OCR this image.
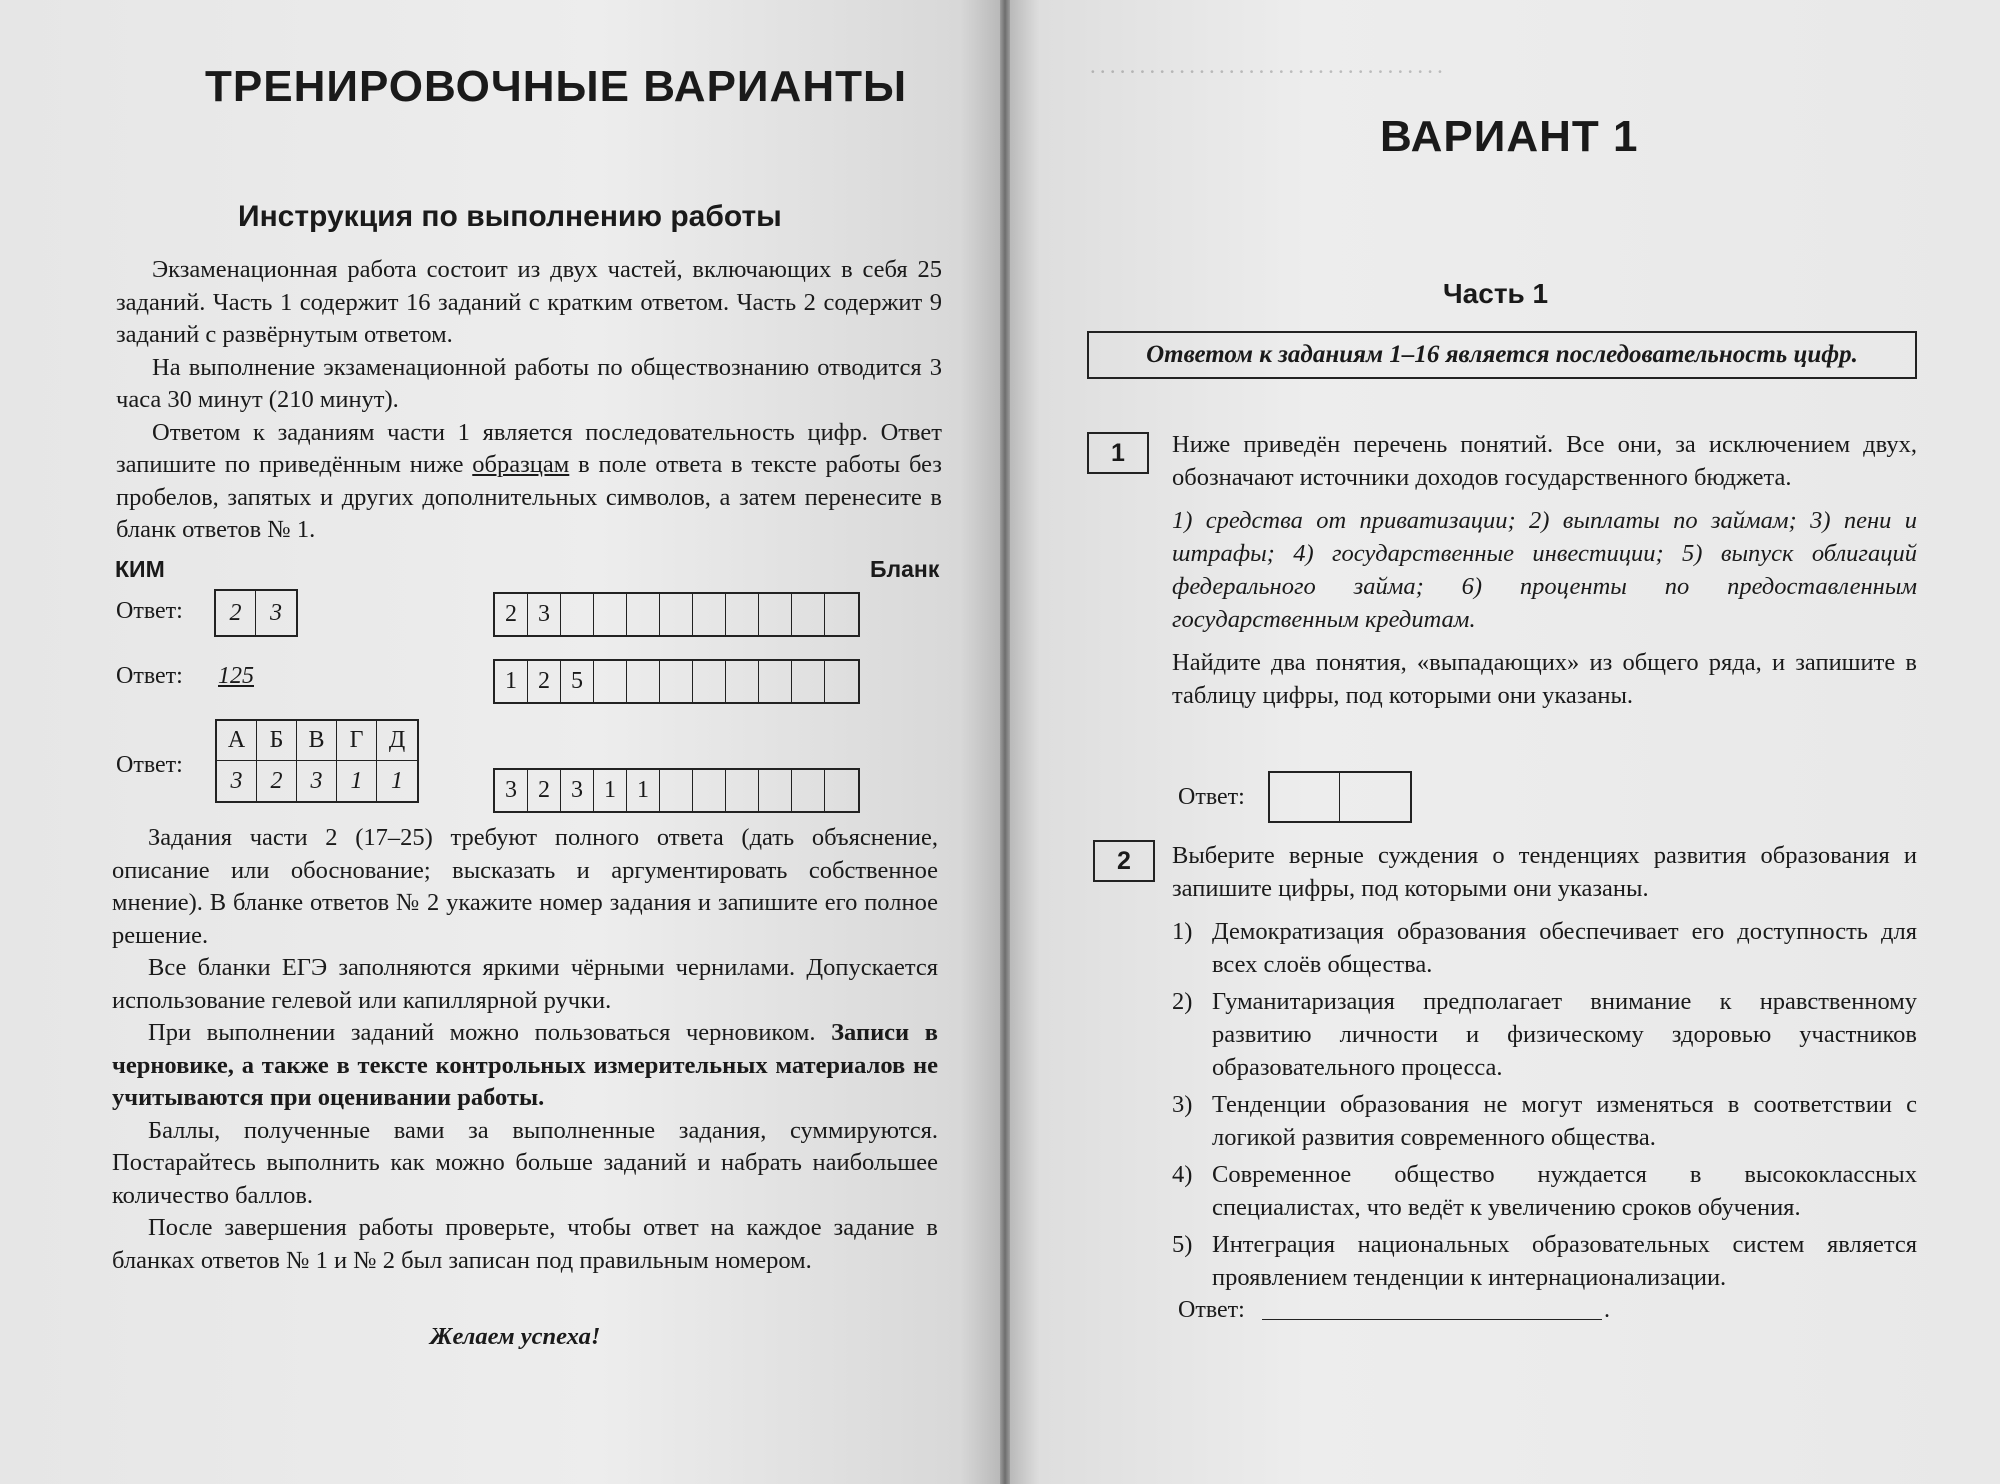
· · · · · · · · · · · · · · · · · · · · · · · · · · · · · · · · · · · ·
ТРЕНИРОВОЧНЫЕ ВАРИАНТЫ
Инструкция по выполнению работы

Экзаменационная работа состоит из двух частей, включающих в себя 25 заданий. Часть 1 содержит 16 заданий с кратким ответом. Часть 2 содержит 9 заданий с развёрнутым ответом.

На выполнение экзаменационной работы по обществознанию отводится 3 часа 30 минут (210 минут).

Ответом к заданиям части 1 является последовательность цифр. Ответ запишите по приведённым ниже образцам в поле ответа в тексте работы без пробелов, запятых и других дополнительных символов, а затем перенесите в бланк ответов № 1.

КИМ	Бланк
Ответ:	2	3	2 3
Ответ: 125	1 2 5
Ответ:
А	Б	В	Г	Д
3	2	3	1	1	3 2 3 1 1

Задания части 2 (17–25) требуют полного ответа (дать объяснение, описание или обоснование; высказать и аргументировать собственное мнение). В бланке ответов № 2 укажите номер задания и запишите его полное решение.

Все бланки ЕГЭ заполняются яркими чёрными чернилами. Допускается использование гелевой или капиллярной ручки.

При выполнении заданий можно пользоваться черновиком. Записи в черновике, а также в тексте контрольных измерительных материалов не учитываются при оценивании работы.

Баллы, полученные вами за выполненные задания, суммируются. Постарайтесь выполнить как можно больше заданий и набрать наибольшее количество баллов.

После завершения работы проверьте, чтобы ответ на каждое задание в бланках ответов № 1 и № 2 был записан под правильным номером.

Желаем успеха!
ВАРИАНТ 1
Часть 1
Ответом к заданиям 1–16 является последовательность цифр.
1	Ниже приведён перечень понятий. Все они, за исключением двух, обозначают источники доходов государственного бюджета.

1) средства от приватизации; 2) выплаты по займам; 3) пени и штрафы; 4) государственные инвестиции; 5) выпуск облигаций федерального займа; 6) проценты по предоставленным государственным кредитам.

Найдите два понятия, «выпадающих» из общего ряда, и запишите в таблицу цифры, под которыми они указаны.

Ответ:
2	Выберите верные суждения о тенденциях развития образования и запишите цифры, под которыми они указаны.

1) Демократизация образования обеспечивает его доступность для всех слоёв общества.
2) Гуманитаризация предполагает внимание к нравственному развитию личности и физическому здоровью участников образовательного процесса.
3) Тенденции образования не могут изменяться в соответствии с логикой развития современного общества.
4) Современное общество нуждается в высококлассных специалистах, что ведёт к увеличению сроков обучения.
5) Интеграция национальных образовательных систем является проявлением тенденции к интернационализации.
Ответ:	.
